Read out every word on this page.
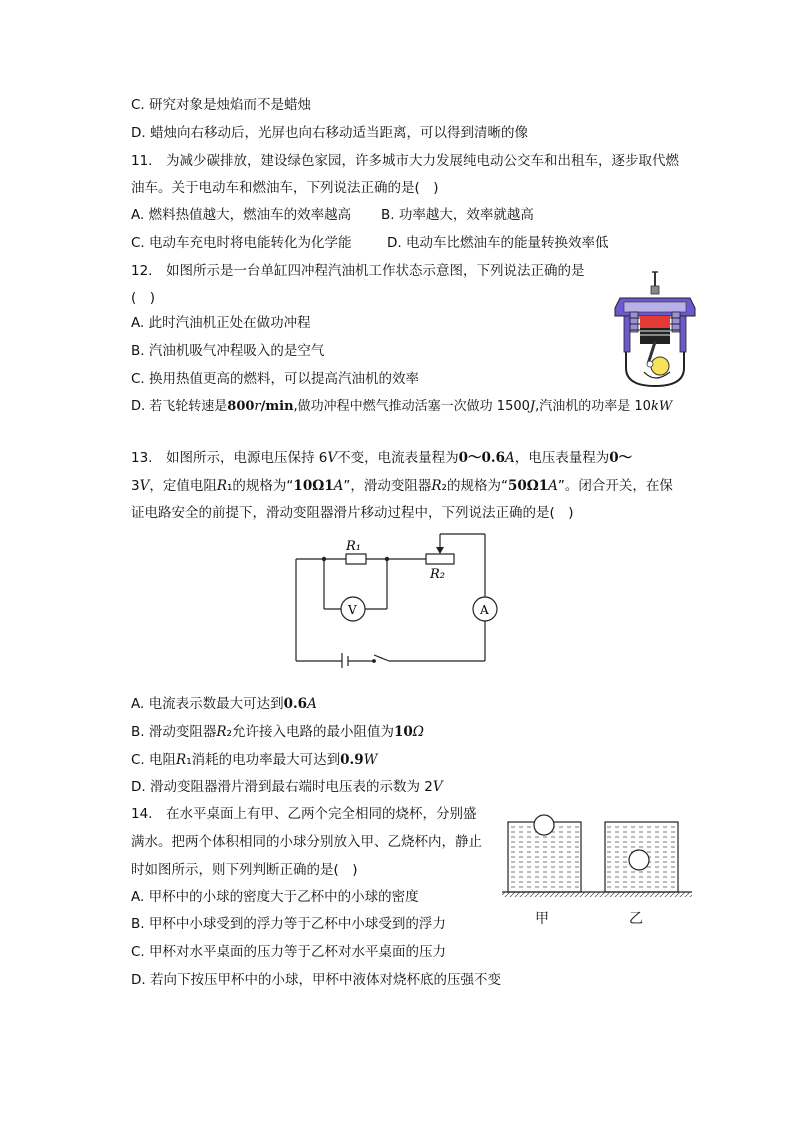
C. 研究对象是烛焰而不是蜡烛
D. 蜡烛向右移动后，光屏也向右移动适当距离，可以得到清晰的像
11.　为减少碳排放，建设绿色家园，许多城市大力发展纯电动公交车和出租车，逐步取代燃
油车。关于电动车和燃油车，下列说法正确的是(　)
A. 燃料热值越大，燃油车的效率越高 B. 功率越大，效率就越高
C. 电动车充电时将电能转化为化学能	D. 电动车比燃油车的能量转换效率低
12.　如图所示是一台单缸四冲程汽油机工作状态示意图，下列说法正确的是
(　)
A. 此时汽油机正处在做功冲程
B. 汽油机吸气冲程吸入的是空气
C. 换用热值更高的燃料，可以提高汽油机的效率
D. 若飞轮转速是800r/min,做功冲程中燃气推动活塞一次做功 1500J,汽油机的功率是 10kW
13.　如图所示，电源电压保持 6V不变，电流表量程为0～0.6A，电压表量程为0～
3V，定值电阻R₁的规格为“10Ω1A”，滑动变阻器R₂的规格为“50Ω1A”。闭合开关，在保
证电路安全的前提下，滑动变阻器滑片移动过程中，下列说法正确的是(　)
R₁
R₂
V	A
A. 电流表示数最大可达到0.6A
B. 滑动变阻器R₂允许接入电路的最小阻值为10Ω
C. 电阻R₁消耗的电功率最大可达到0.9W
D. 滑动变阻器滑片滑到最右端时电压表的示数为 2V
14.　在水平桌面上有甲、乙两个完全相同的烧杯，分别盛
满水。把两个体积相同的小球分别放入甲、乙烧杯内，静止
时如图所示，则下列判断正确的是(　)
A. 甲杯中的小球的密度大于乙杯中的小球的密度
B. 甲杯中小球受到的浮力等于乙杯中小球受到的浮力
C. 甲杯对水平桌面的压力等于乙杯对水平桌面的压力
D. 若向下按压甲杯中的小球，甲杯中液体对烧杯底的压强不变
甲	乙
